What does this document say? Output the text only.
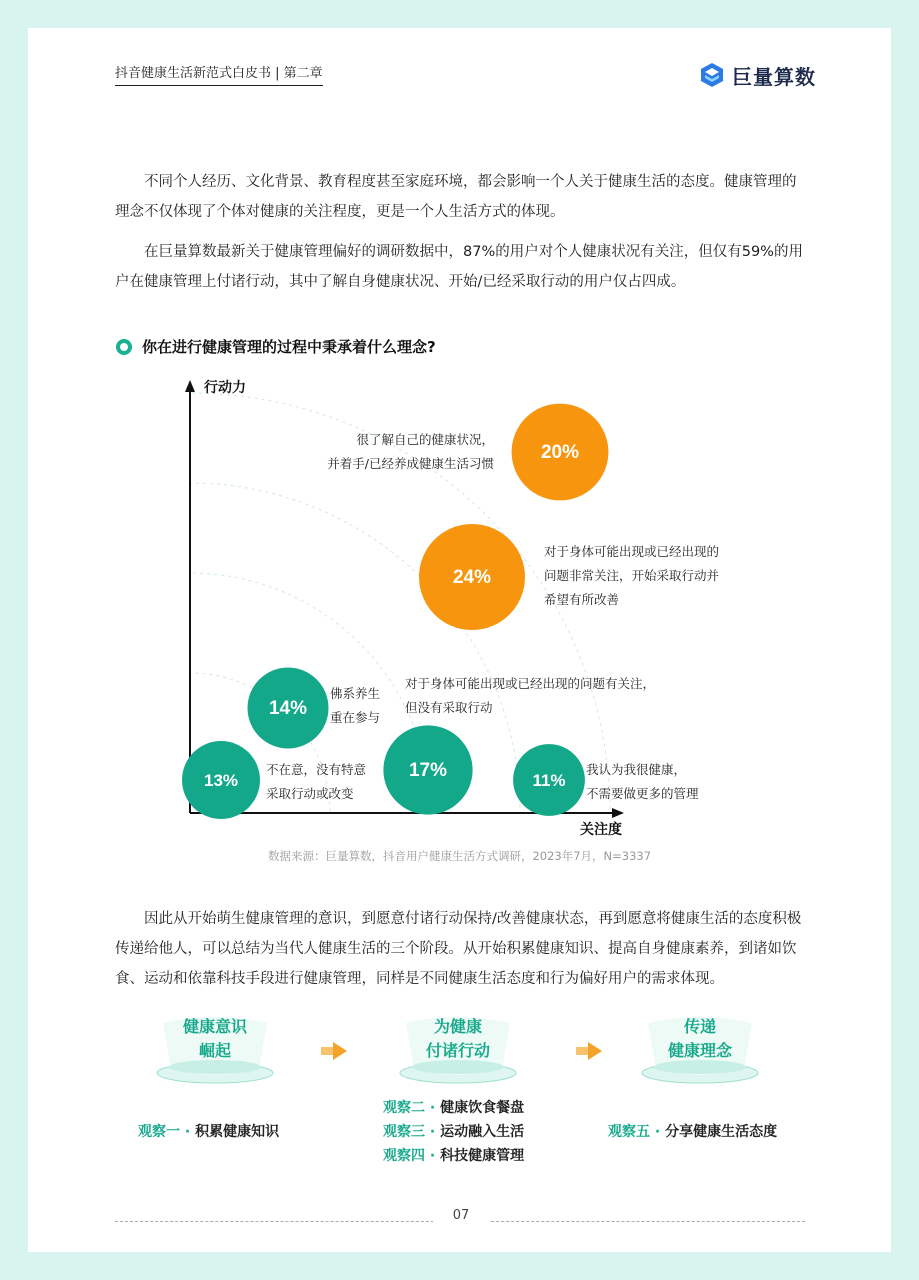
抖音健康生活新范式白皮书 | 第二章	巨量算数

不同个人经历、文化背景、教育程度甚至家庭环境，都会影响一个人关于健康生活的态度。健康管理的理念不仅体现了个体对健康的关注程度，更是一个人生活方式的体现。

在巨量算数最新关于健康管理偏好的调研数据中，87%的用户对个人健康状况有关注，但仅有59%的用户在健康管理上付诸行动，其中了解自身健康状况、开始/已经采取行动的用户仅占四成。

你在进行健康管理的过程中秉承着什么理念?
行动力
关注度
13%
不在意，没有特意
采取行动或改变
14%
佛系养生
重在参与
17%
对于身体可能出现或已经出现的问题有关注，
但没有采取行动
11%
我认为我很健康，
不需要做更多的管理
24%
对于身体可能出现或已经出现的
问题非常关注，开始采取行动并
希望有所改善
20%
很了解自己的健康状况，
并着手/已经养成健康生活习惯
数据来源：巨量算数，抖音用户健康生活方式调研，2023年7月，N=3337

因此从开始萌生健康管理的意识，到愿意付诸行动保持/改善健康状态，再到愿意将健康生活的态度积极传递给他人，可以总结为当代人健康生活的三个阶段。从开始积累健康知识、提高自身健康素养，到诸如饮食、运动和依靠科技手段进行健康管理，同样是不同健康生活态度和行为偏好用户的需求体现。

健康意识
崛起
为健康
付诸行动
传递
健康理念
观察一 · 积累健康知识
观察二 · 健康饮食餐盘
观察三 · 运动融入生活
观察四 · 科技健康管理
观察五 · 分享健康生活态度
07
